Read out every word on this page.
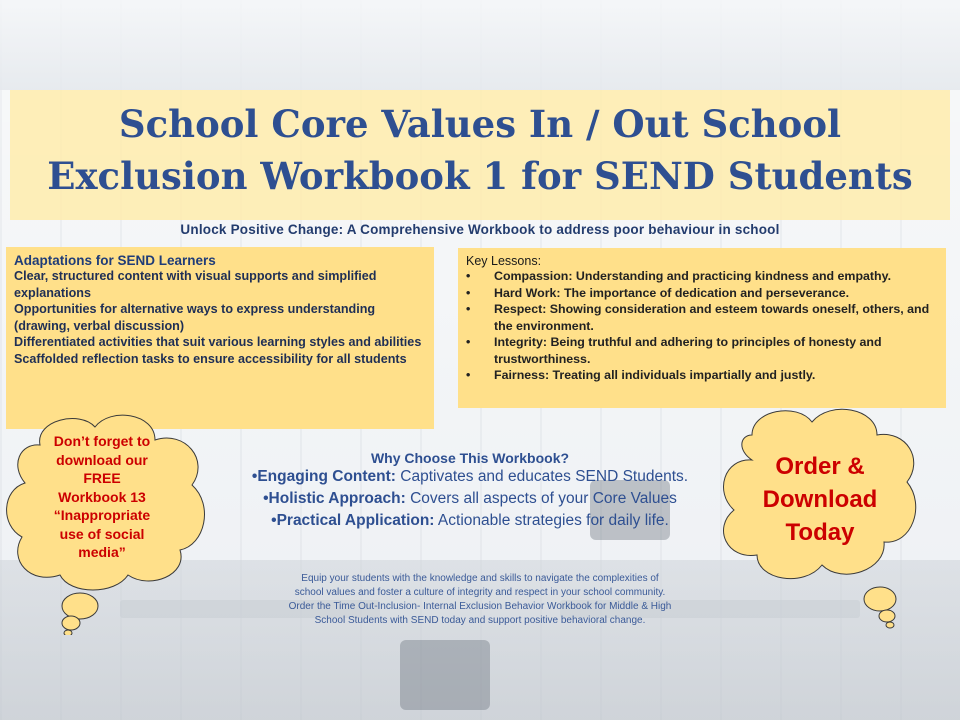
School Core Values In / Out School
Exclusion Workbook 1 for SEND Students
Unlock Positive Change: A Comprehensive Workbook to address poor behaviour in school
Adaptations for SEND Learners
Clear, structured content with visual supports and simplified explanations
Opportunities for alternative ways to express understanding (drawing, verbal discussion)
Differentiated activities that suit various learning styles and abilities
Scaffolded reflection tasks to ensure accessibility for all students
Key Lessons:
•	Compassion: Understanding and practicing kindness and empathy.
•	Hard Work: The importance of dedication and perseverance.
•	Respect: Showing consideration and esteem towards oneself, others, and the environment.
•	Integrity: Being truthful and adhering to principles of honesty and trustworthiness.
•	Fairness: Treating all individuals impartially and justly.
Don’t forget to
download our
FREE
Workbook 13
“Inappropriate
use of social
media”
Order &
Download
Today
Why Choose This Workbook?
•Engaging Content: Captivates and educates SEND Students.
•Holistic Approach: Covers all aspects of your Core Values
•Practical Application: Actionable strategies for daily life.
Equip your students with the knowledge and skills to navigate the complexities of
school values and foster a culture of integrity and respect in your school community.
Order the Time Out-Inclusion- Internal Exclusion Behavior Workbook for Middle & High
School Students with SEND today and support positive behavioral change.
